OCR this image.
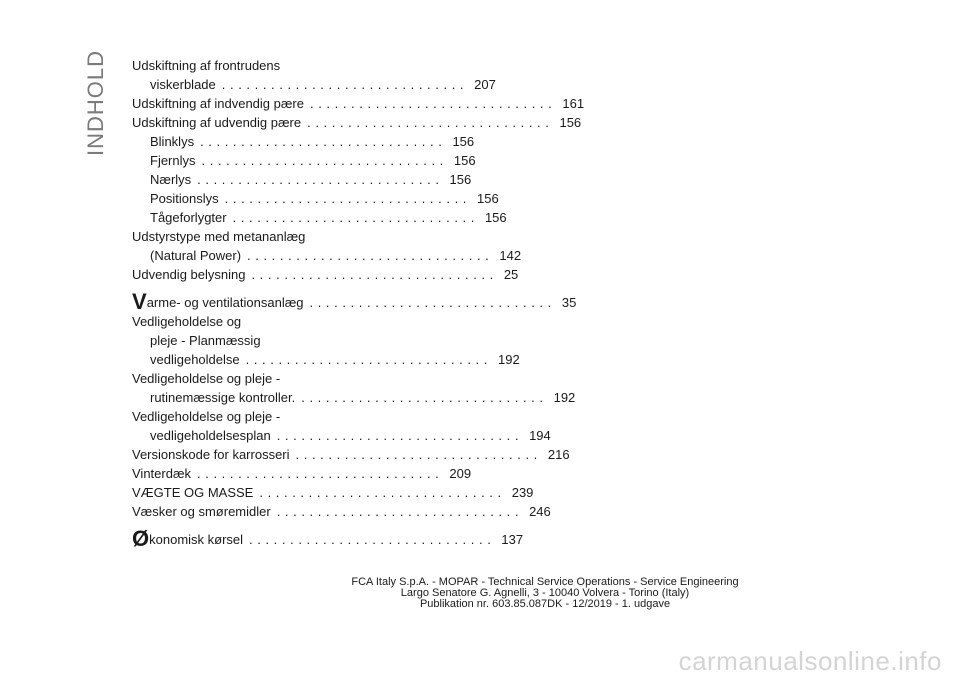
INDHOLD Udskiftning af frontrudens
viskerblade .............................. 207
Udskiftning af indvendig pære .............................. 161
Udskiftning af udvendig pære .............................. 156
Blinklys .............................. 156
Fjernlys .............................. 156
Nærlys .............................. 156
Positionslys .............................. 156
Tågeforlygter .............................. 156
Udstyrstype med metananlæg
(Natural Power) .............................. 142
Udvendig belysning .............................. 25
V arme- og ventilationsanlæg .............................. 35
Vedligeholdelse og
pleje - Planmæssig
vedligeholdelse .............................. 192
Vedligeholdelse og pleje -
rutinemæssige kontroller. .............................. 192
Vedligeholdelse og pleje -
vedligeholdelsesplan .............................. 194
Versionskode for karrosseri .............................. 216
Vinterdæk .............................. 209
VÆGTE OG MASSE .............................. 239
Væsker og smøremidler .............................. 246
Ø konomisk kørsel .............................. 137
FCA Italy S.p.A. - MOPAR - Technical Service Operations - Service Engineering
Largo Senatore G. Agnelli, 3 - 10040 Volvera - Torino (Italy)
Publikation nr. 603.85.087DK - 12/2019 - 1. udgave
carmanualsonline.info
